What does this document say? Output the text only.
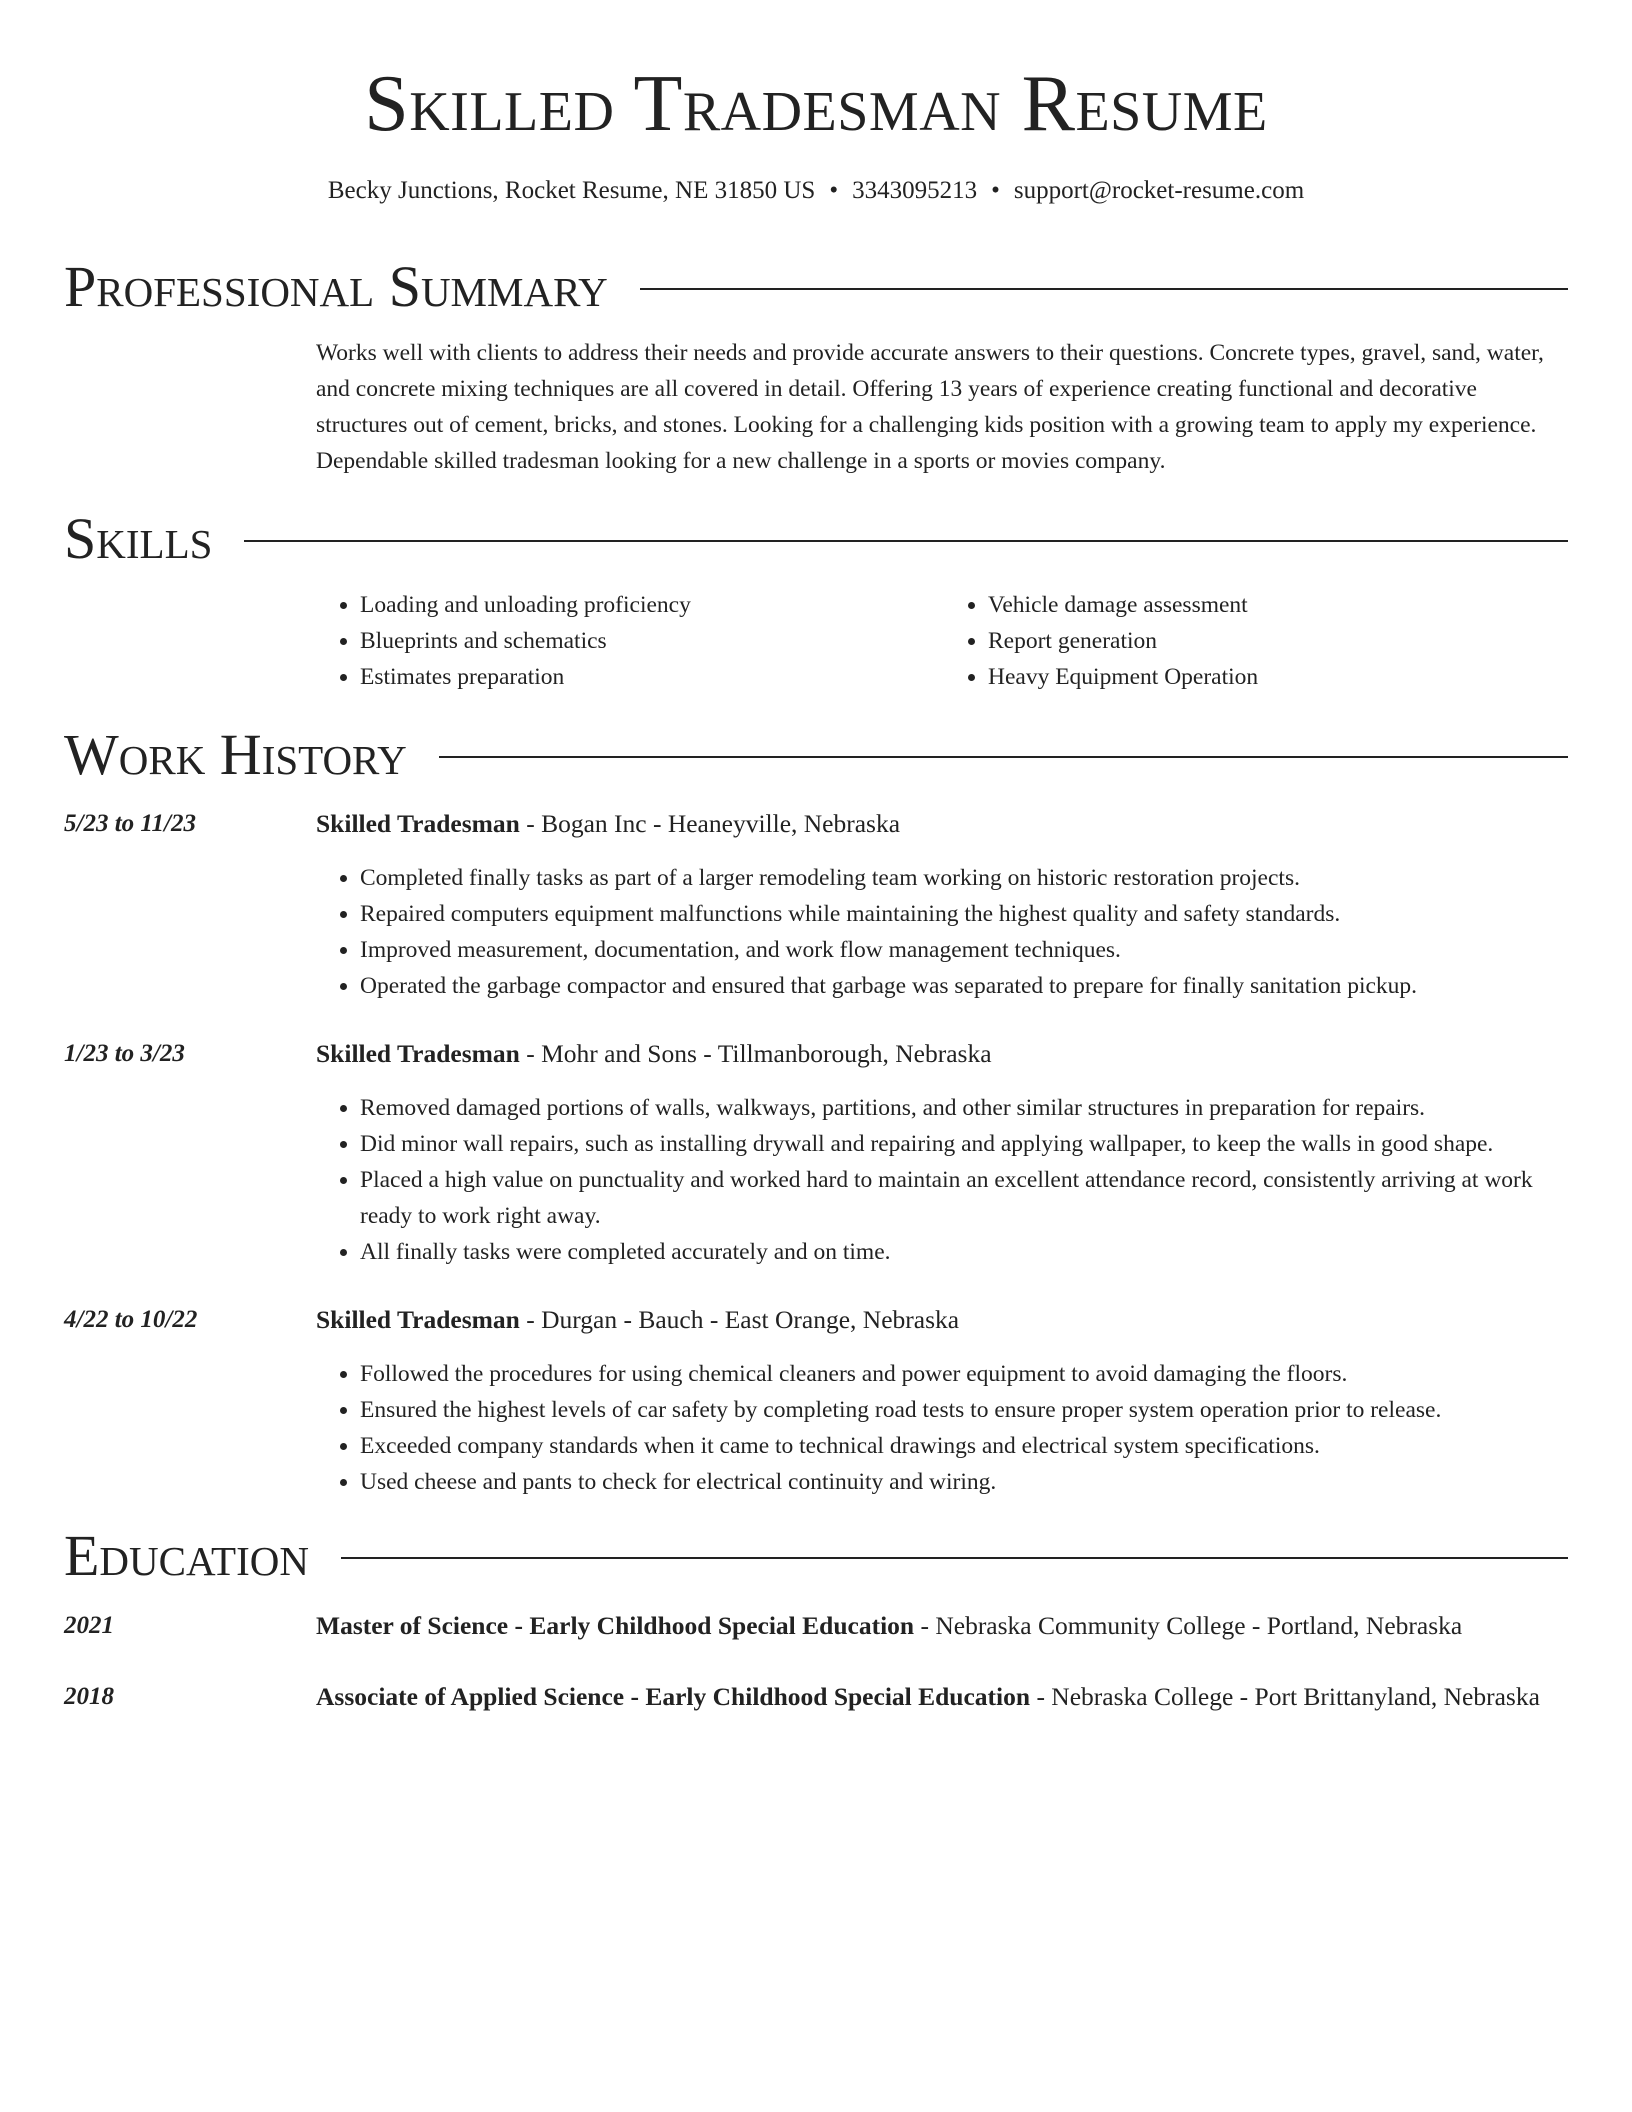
Skilled Tradesman Resume
Becky Junctions, Rocket Resume, NE 31850 US • 3343095213 • support@rocket-resume.com
Professional Summary

Works well with clients to address their needs and provide accurate answers to their questions. Concrete types, gravel, sand, water, and concrete mixing techniques are all covered in detail. Offering 13 years of experience creating functional and decorative structures out of cement, bricks, and stones. Looking for a challenging kids position with a growing team to apply my experience. Dependable skilled tradesman looking for a new challenge in a sports or movies company.

Skills
• Loading and unloading proficiency
• Blueprints and schematics
• Estimates preparation
• Vehicle damage assessment
• Report generation
• Heavy Equipment Operation
Work History
5/23 to 11/23	Skilled Tradesman - Bogan Inc - Heaneyville, Nebraska
• Completed finally tasks as part of a larger remodeling team working on historic restoration projects.
• Repaired computers equipment malfunctions while maintaining the highest quality and safety standards.
• Improved measurement, documentation, and work flow management techniques.
• Operated the garbage compactor and ensured that garbage was separated to prepare for finally sanitation pickup.
1/23 to 3/23	Skilled Tradesman - Mohr and Sons - Tillmanborough, Nebraska
• Removed damaged portions of walls, walkways, partitions, and other similar structures in preparation for repairs.
• Did minor wall repairs, such as installing drywall and repairing and applying wallpaper, to keep the walls in good shape.
• Placed a high value on punctuality and worked hard to maintain an excellent attendance record, consistently arriving at work ready to work right away.
• All finally tasks were completed accurately and on time.
4/22 to 10/22	Skilled Tradesman - Durgan - Bauch - East Orange, Nebraska
• Followed the procedures for using chemical cleaners and power equipment to avoid damaging the floors.
• Ensured the highest levels of car safety by completing road tests to ensure proper system operation prior to release.
• Exceeded company standards when it came to technical drawings and electrical system specifications.
• Used cheese and pants to check for electrical continuity and wiring.
Education
2021	Master of Science - Early Childhood Special Education - Nebraska Community College - Portland, Nebraska
2018	Associate of Applied Science - Early Childhood Special Education - Nebraska College - Port Brittanyland, Nebraska
